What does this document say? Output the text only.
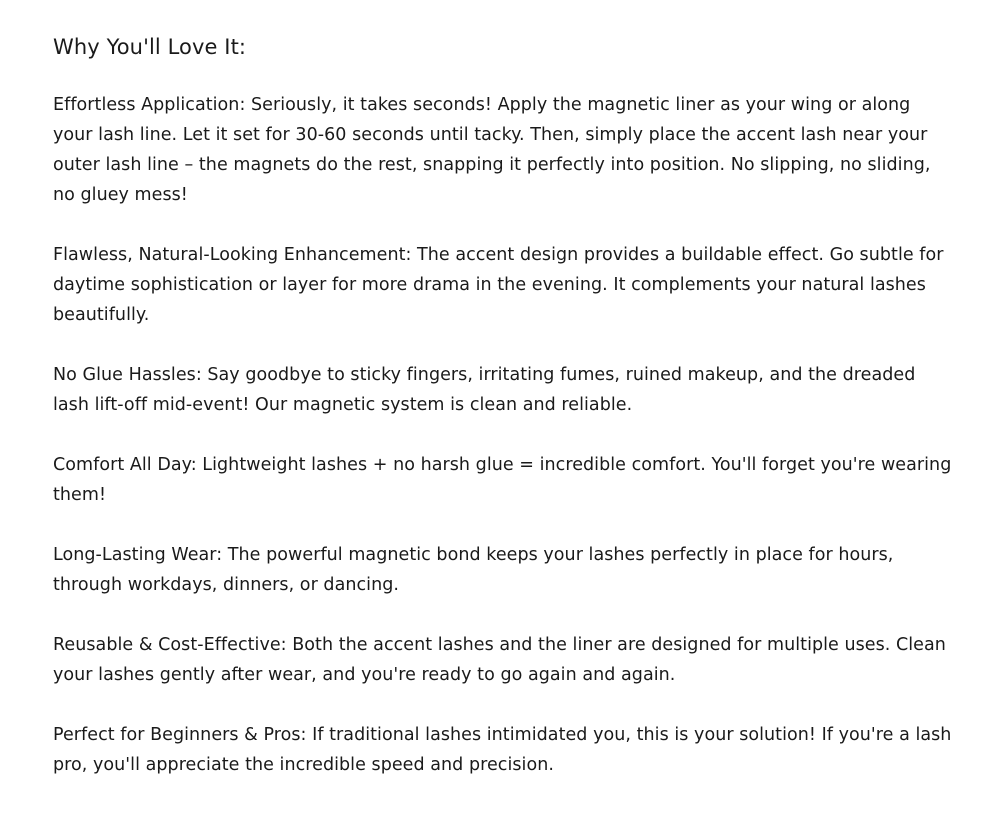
Why You'll Love It:

Effortless Application: Seriously, it takes seconds! Apply the magnetic liner as your wing or along your lash line. Let it set for 30-60 seconds until tacky. Then, simply place the accent lash near your outer lash line – the magnets do the rest, snapping it perfectly into position. No slipping, no sliding, no gluey mess!

Flawless, Natural-Looking Enhancement: The accent design provides a buildable effect. Go subtle for daytime sophistication or layer for more drama in the evening. It complements your natural lashes beautifully.

No Glue Hassles: Say goodbye to sticky fingers, irritating fumes, ruined makeup, and the dreaded lash lift-off mid-event! Our magnetic system is clean and reliable.

Comfort All Day: Lightweight lashes + no harsh glue = incredible comfort. You'll forget you're wearing them!

Long-Lasting Wear: The powerful magnetic bond keeps your lashes perfectly in place for hours, through workdays, dinners, or dancing.

Reusable & Cost-Effective: Both the accent lashes and the liner are designed for multiple uses. Clean your lashes gently after wear, and you're ready to go again and again.

Perfect for Beginners & Pros: If traditional lashes intimidated you, this is your solution! If you're a lash pro, you'll appreciate the incredible speed and precision.
